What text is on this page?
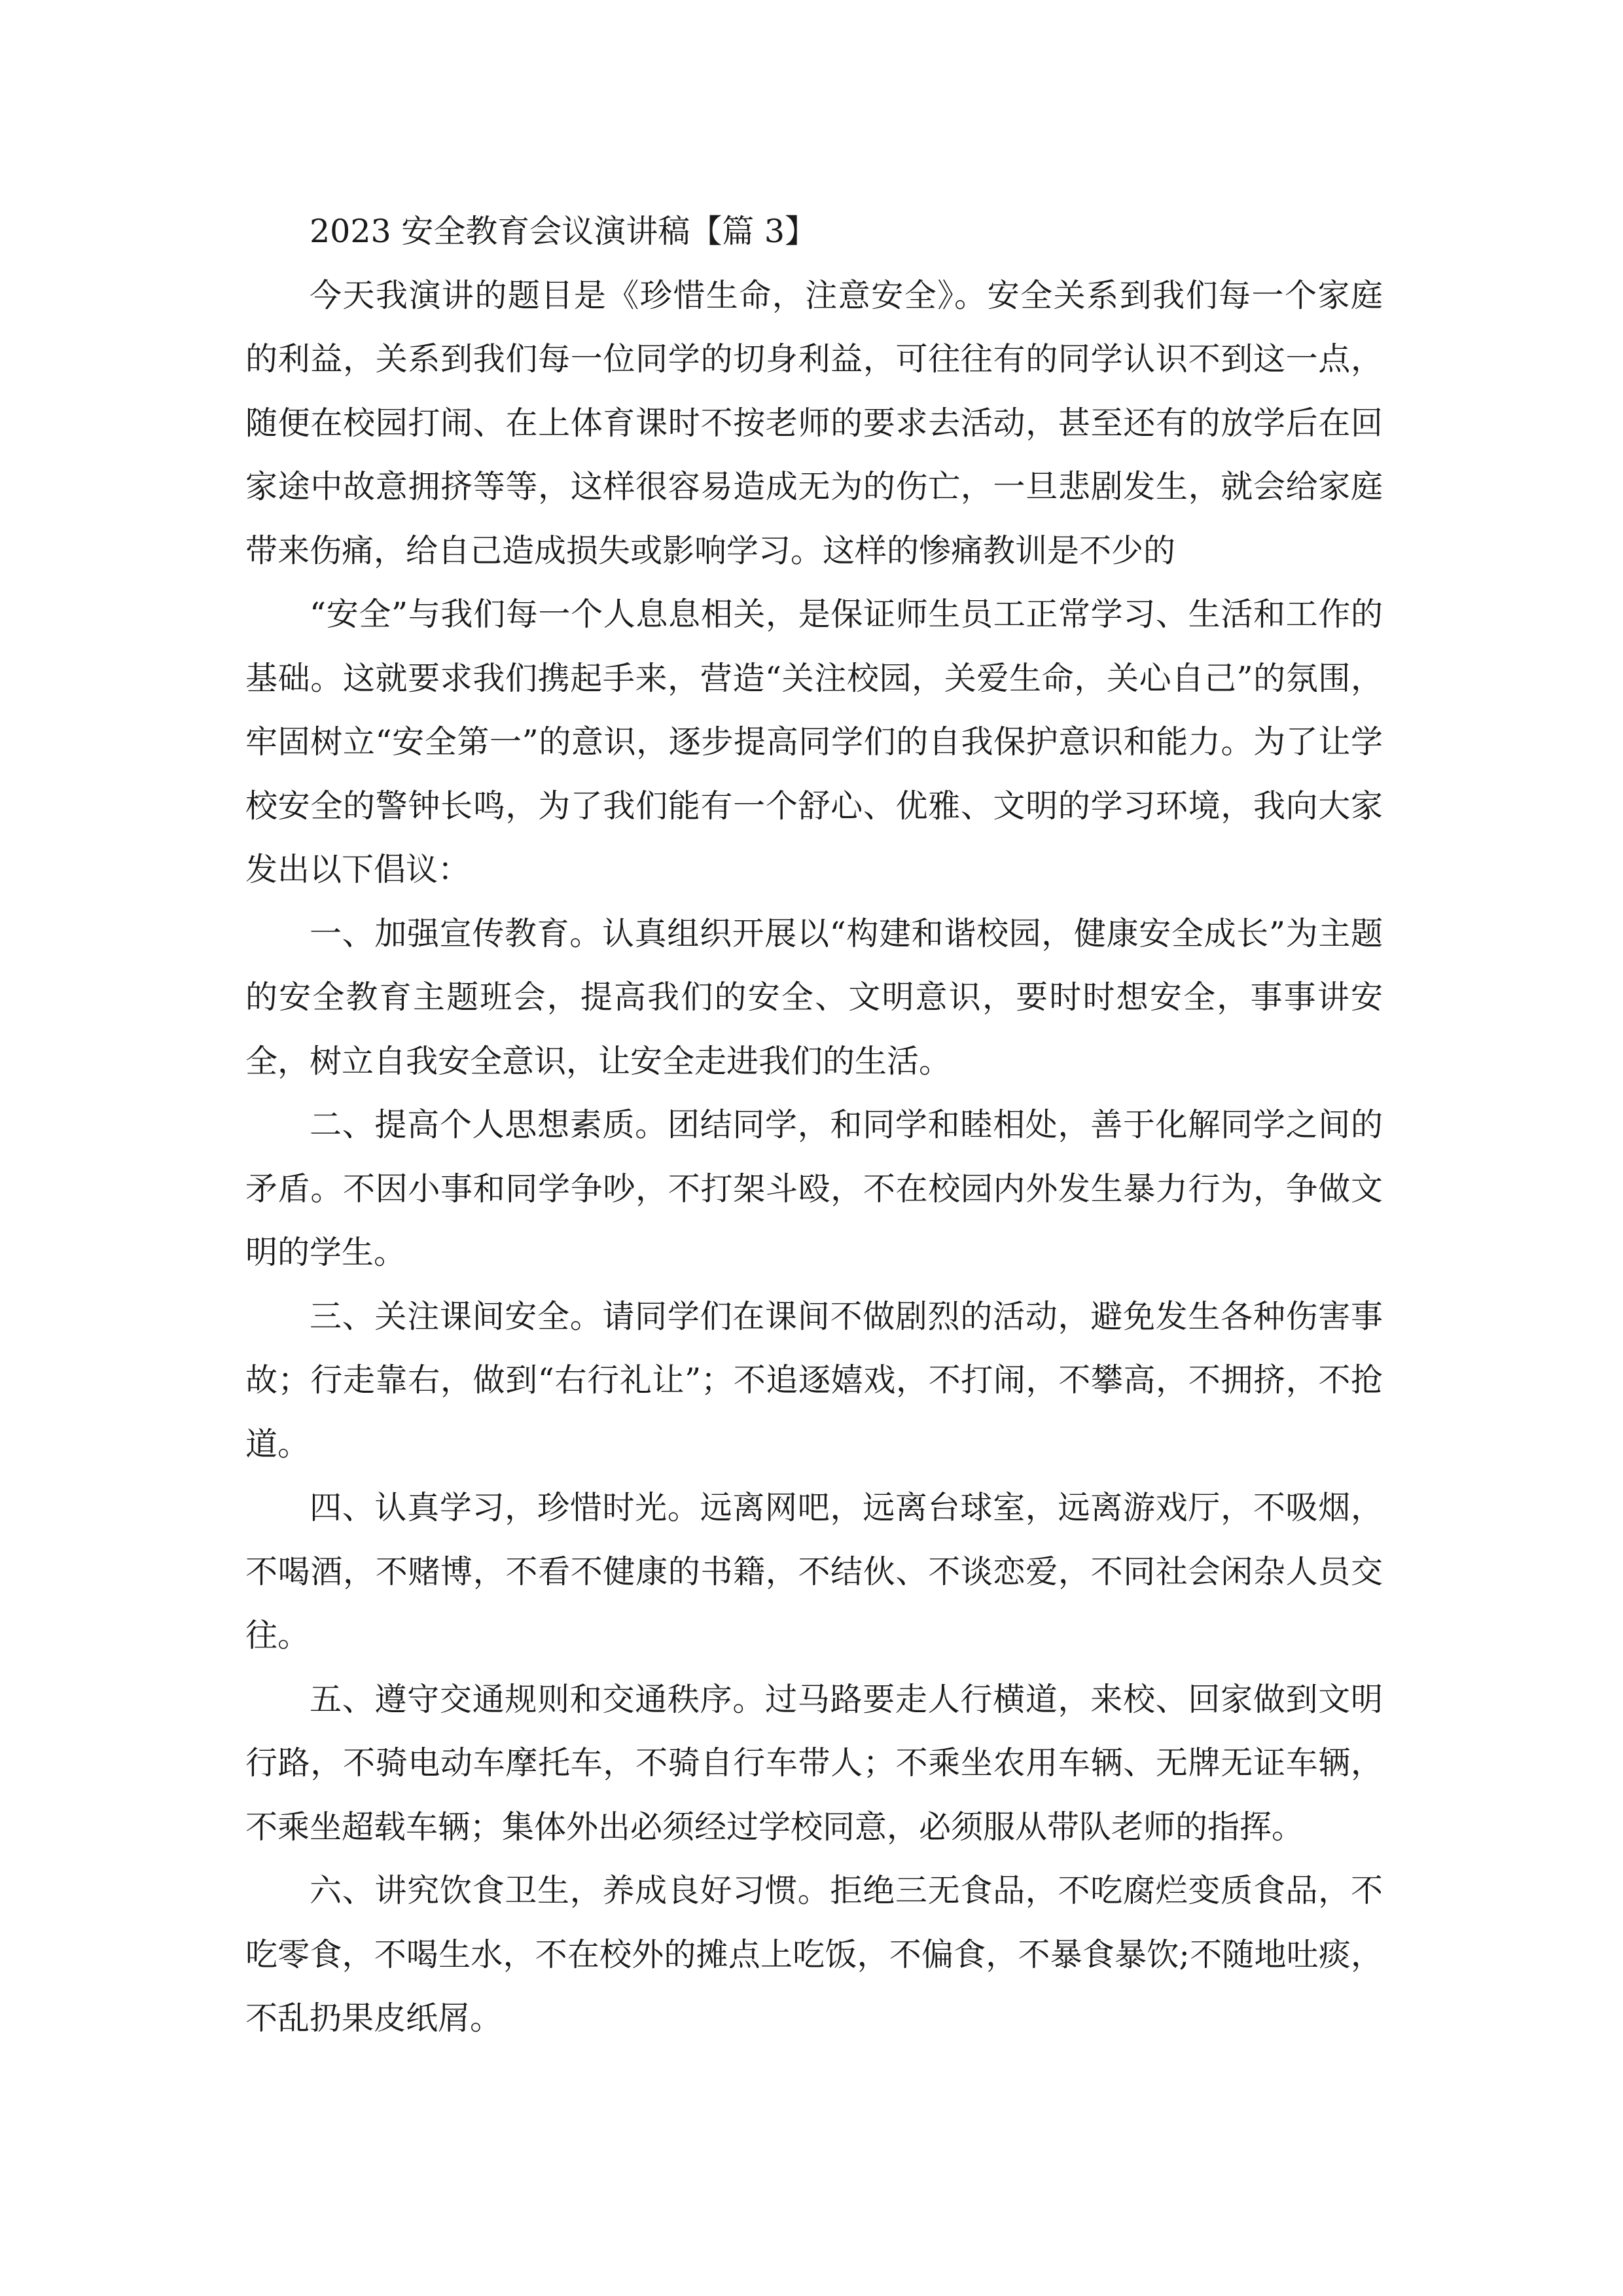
2023 安全教育会议演讲稿【篇 3】

今天我演讲的题目是《珍惜生命，注意安全》。安全关系到我们每一个家庭的利益，关系到我们每一位同学的切身利益，可往往有的同学认识不到这一点，随便在校园打闹、在上体育课时不按老师的要求去活动，甚至还有的放学后在回家途中故意拥挤等等，这样很容易造成无为的伤亡，一旦悲剧发生，就会给家庭带来伤痛，给自己造成损失或影响学习。这样的惨痛教训是不少的

“安全”与我们每一个人息息相关，是保证师生员工正常学习、生活和工作的基础。这就要求我们携起手来，营造“关注校园，关爱生命，关心自己”的氛围，牢固树立“安全第一”的意识，逐步提高同学们的自我保护意识和能力。为了让学校安全的警钟长鸣，为了我们能有一个舒心、优雅、文明的学习环境，我向大家发出以下倡议：

一、加强宣传教育。认真组织开展以“构建和谐校园，健康安全成长”为主题的安全教育主题班会，提高我们的安全、文明意识，要时时想安全，事事讲安全，树立自我安全意识，让安全走进我们的生活。

二、提高个人思想素质。团结同学，和同学和睦相处，善于化解同学之间的矛盾。不因小事和同学争吵，不打架斗殴，不在校园内外发生暴力行为，争做文明的学生。

三、关注课间安全。请同学们在课间不做剧烈的活动，避免发生各种伤害事故；行走靠右，做到“右行礼让”；不追逐嬉戏，不打闹，不攀高，不拥挤，不抢道。

四、认真学习，珍惜时光。远离网吧，远离台球室，远离游戏厅，不吸烟，不喝酒，不赌博，不看不健康的书籍，不结伙、不谈恋爱，不同社会闲杂人员交往。

五、遵守交通规则和交通秩序。过马路要走人行横道，来校、回家做到文明行路，不骑电动车摩托车，不骑自行车带人；不乘坐农用车辆、无牌无证车辆，不乘坐超载车辆；集体外出必须经过学校同意，必须服从带队老师的指挥。

六、讲究饮食卫生，养成良好习惯。拒绝三无食品，不吃腐烂变质食品，不吃零食，不喝生水，不在校外的摊点上吃饭，不偏食，不暴食暴饮;不随地吐痰，不乱扔果皮纸屑。
